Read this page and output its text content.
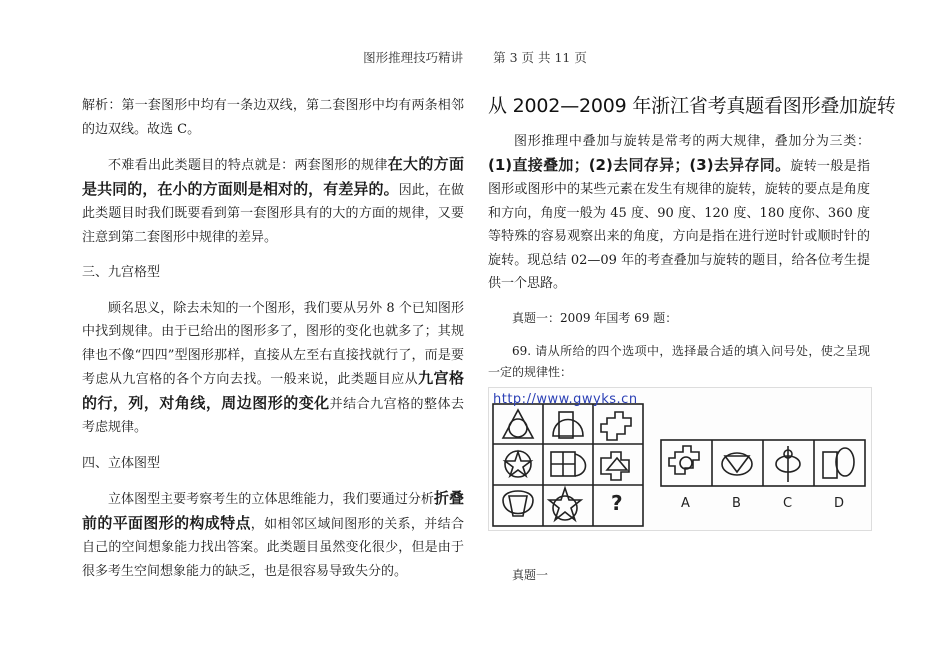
图形推理技巧精讲 第 3 页 共 11 页

解析：第一套图形中均有一条边双线，第二套图形中均有两条相邻的边双线。故选 C。

不难看出此类题目的特点就是：两套图形的规律在大的方面是共同的，在小的方面则是相对的，有差异的。因此，在做此类题目时我们既要看到第一套图形具有的大的方面的规律，又要注意到第二套图形中规律的差异。

三、九宫格型

顾名思义，除去未知的一个图形，我们要从另外 8 个已知图形中找到规律。由于已给出的图形多了，图形的变化也就多了；其规律也不像“四四”型图形那样，直接从左至右直接找就行了，而是要考虑从九宫格的各个方向去找。一般来说，此类题目应从九宫格的行，列，对角线，周边图形的变化并结合九宫格的整体去考虑规律。

四、立体图型

立体图型主要考察考生的立体思维能力，我们要通过分析折叠前的平面图形的构成特点，如相邻区域间图形的关系，并结合自己的空间想象能力找出答案。此类题目虽然变化很少，但是由于很多考生空间想象能力的缺乏，也是很容易导致失分的。

从 2002—2009 年浙江省考真题看图形叠加旋转

图形推理中叠加与旋转是常考的两大规律，叠加分为三类：(1)直接叠加；(2)去同存异；(3)去异存同。旋转一般是指图形或图形中的某些元素在发生有规律的旋转，旋转的要点是角度和方向，角度一般为 45 度、90 度、120 度、180 度你、360 度等特殊的容易观察出来的角度，方向是指在进行逆时针或顺时针的旋转。现总结 02—09 年的考查叠加与旋转的题目，给各位考生提供一个思路。

真题一：2009 年国考 69 题：

69. 请从所给的四个选项中，选择最合适的填入问号处，使之呈现一定的规律性：

http://www.gwyks.cn
?	A	B	C	D

真题一
